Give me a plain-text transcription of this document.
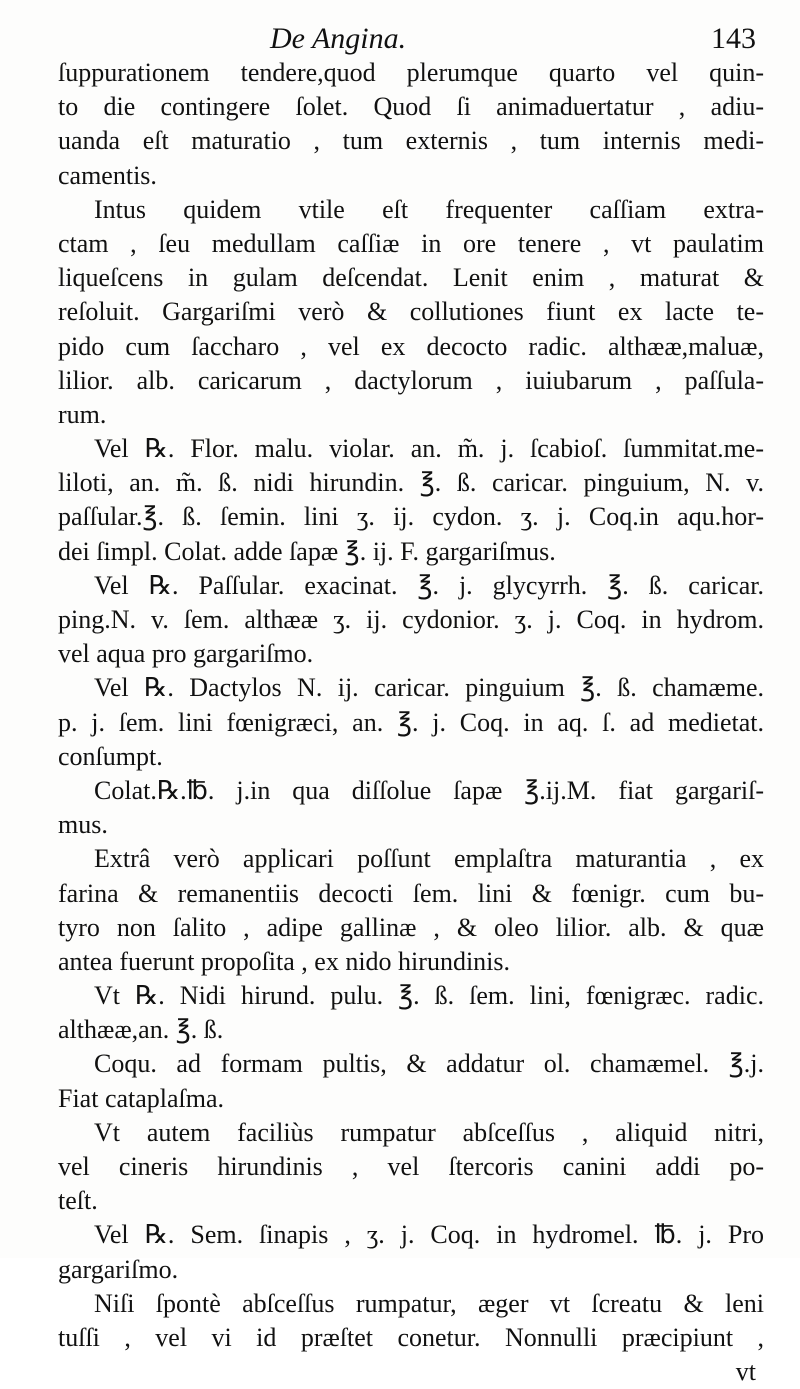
De Angina.	143
ſuppurationem tendere,quod plerumque quarto vel quin-
to die contingere ſolet. Quod ſi animaduertatur , adiu-
uanda eſt maturatio , tum externis , tum internis medi-
camentis.
Intus quidem vtile eſt frequenter caſſiam extra-
ctam , ſeu medullam caſſiæ in ore tenere , vt paulatim
liqueſcens in gulam deſcendat. Lenit enim , maturat &
reſoluit. Gargariſmi verò & collutiones fiunt ex lacte te-
pido cum ſaccharo , vel ex decocto radic. althææ,maluæ,
lilior. alb. caricarum , dactylorum , iuiubarum , paſſula-
rum.
Vel ℞. Flor. malu. violar. an. m̃. j. ſcabioſ. ſummitat.me-
liloti, an. m̃. ß. nidi hirundin. ℥. ß. caricar. pinguium, N. v.
paſſular.℥. ß. ſemin. lini ʒ. ij. cydon. ʒ. j. Coq.in aqu.hor-
dei ſimpl. Colat. adde ſapæ ℥. ij. F. gargariſmus.
Vel ℞. Paſſular. exacinat. ℥. j. glycyrrh. ℥. ß. caricar.
ping.N. v. ſem. althææ ʒ. ij. cydonior. ʒ. j. Coq. in hydrom.
vel aqua pro gargariſmo.
Vel ℞. Dactylos N. ij. caricar. pinguium ℥. ß. chamæme.
p. j. ſem. lini fœnigræci, an. ℥. j. Coq. in aq. ſ. ad medietat.
conſumpt.
Colat.℞.℔. j.in qua diſſolue ſapæ ℥.ij.M. fiat gargariſ-
mus.
Extrâ verò applicari poſſunt emplaſtra maturantia , ex
farina & remanentiis decocti ſem. lini & fœnigr. cum bu-
tyro non ſalito , adipe gallinæ , & oleo lilior. alb. & quæ
antea fuerunt propoſita , ex nido hirundinis.
Vt ℞. Nidi hirund. pulu. ℥. ß. ſem. lini, fœnigræc. radic.
althææ,an. ℥. ß.
Coqu. ad formam pultis, & addatur ol. chamæmel. ℥.j.
Fiat cataplaſma.
Vt autem faciliùs rumpatur abſceſſus , aliquid nitri,
vel cineris hirundinis , vel ſtercoris canini addi po-
teſt.
Vel ℞. Sem. ſinapis , ʒ. j. Coq. in hydromel. ℔. j. Pro
gargariſmo.
Niſi ſpontè abſceſſus rumpatur, æger vt ſcreatu & leni
tuſſi , vel vi id præſtet conetur. Nonnulli præcipiunt ,
vt
